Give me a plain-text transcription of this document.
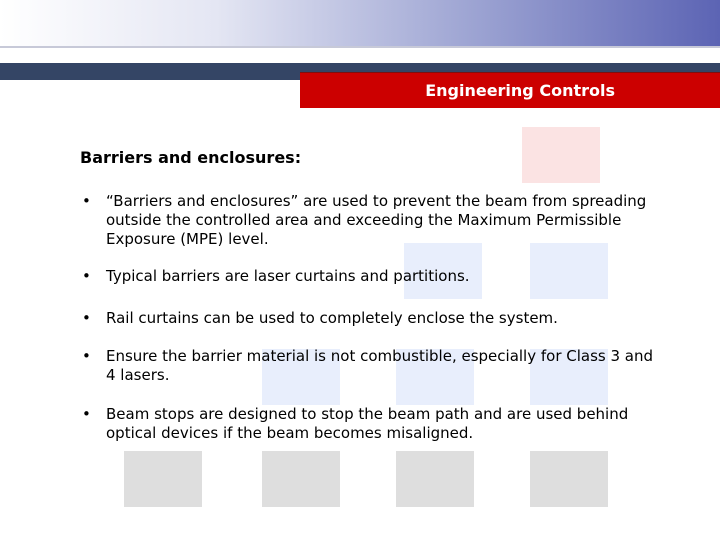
Engineering Controls
Barriers and enclosures:
• “Barriers and enclosures” are used to prevent the beam from spreading outside the controlled area and exceeding the Maximum Permissible Exposure (MPE) level.
• Typical barriers are laser curtains and partitions.
• Rail curtains can be used to completely enclose the system.
• Ensure the barrier material is not combustible, especially for Class 3 and 4 lasers.
• Beam stops are designed to stop the beam path and are used behind optical devices if the beam becomes misaligned.
